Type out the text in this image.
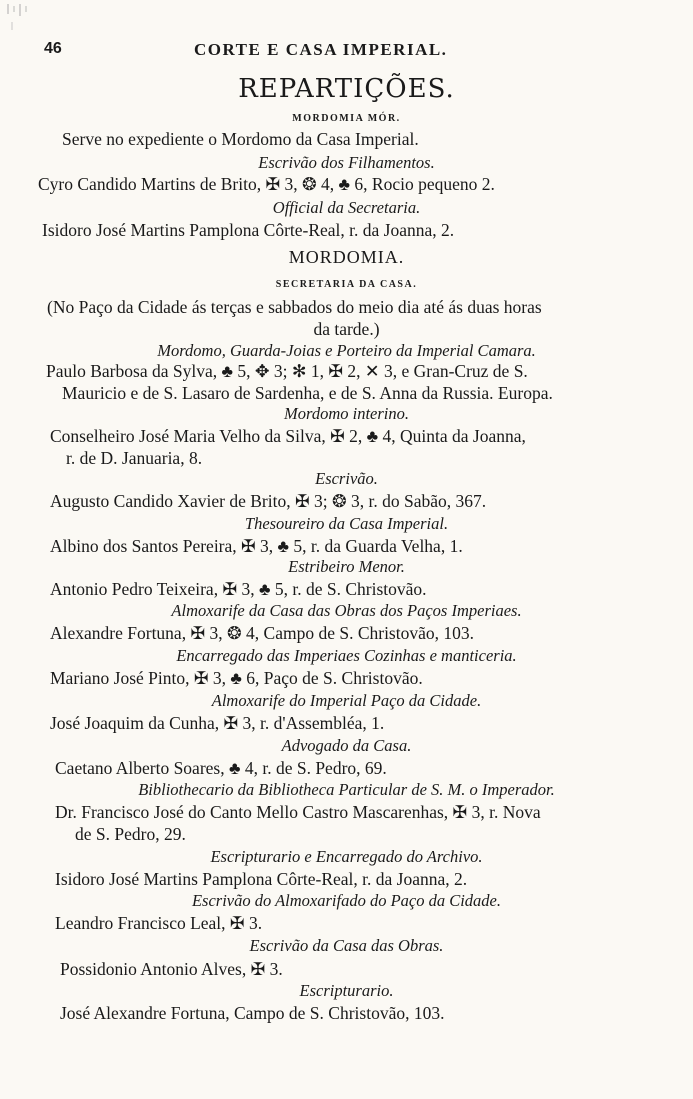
46	CORTE E CASA IMPERIAL.
REPARTIÇÕES.
MORDOMIA MÓR.
Serve no expediente o Mordomo da Casa Imperial.
Escrivão dos Filhamentos.
Cyro Candido Martins de Brito, ✠ 3, ❂ 4, ♣ 6, Rocio pequeno 2.
Official da Secretaria.
Isidoro José Martins Pamplona Côrte-Real, r. da Joanna, 2.
MORDOMIA.
SECRETARIA DA CASA.
(No Paço da Cidade ás terças e sabbados do meio dia até ás duas horas
da tarde.)
Mordomo, Guarda-Joias e Porteiro da Imperial Camara.
Paulo Barbosa da Sylva, ♣ 5, ✥ 3; ✻ 1, ✠ 2, ✕ 3, e Gran-Cruz de S.
Mauricio e de S. Lasaro de Sardenha, e de S. Anna da Russia. Europa.
Mordomo interino.
Conselheiro José Maria Velho da Silva, ✠ 2, ♣ 4, Quinta da Joanna,
r. de D. Januaria, 8.
Escrivão.
Augusto Candido Xavier de Brito, ✠ 3; ❂ 3, r. do Sabão, 367.
Thesoureiro da Casa Imperial.
Albino dos Santos Pereira, ✠ 3, ♣ 5, r. da Guarda Velha, 1.
Estribeiro Menor.
Antonio Pedro Teixeira, ✠ 3, ♣ 5, r. de S. Christovão.
Almoxarife da Casa das Obras dos Paços Imperiaes.
Alexandre Fortuna, ✠ 3, ❂ 4, Campo de S. Christovão, 103.
Encarregado das Imperiaes Cozinhas e manticeria.
Mariano José Pinto, ✠ 3, ♣ 6, Paço de S. Christovão.
Almoxarife do Imperial Paço da Cidade.
José Joaquim da Cunha, ✠ 3, r. d'Assembléa, 1.
Advogado da Casa.
Caetano Alberto Soares, ♣ 4, r. de S. Pedro, 69.
Bibliothecario da Bibliotheca Particular de S. M. o Imperador.
Dr. Francisco José do Canto Mello Castro Mascarenhas, ✠ 3, r. Nova
de S. Pedro, 29.
Escripturario e Encarregado do Archivo.
Isidoro José Martins Pamplona Côrte-Real, r. da Joanna, 2.
Escrivão do Almoxarifado do Paço da Cidade.
Leandro Francisco Leal, ✠ 3.
Escrivão da Casa das Obras.
Possidonio Antonio Alves, ✠ 3.
Escripturario.
José Alexandre Fortuna, Campo de S. Christovão, 103.
